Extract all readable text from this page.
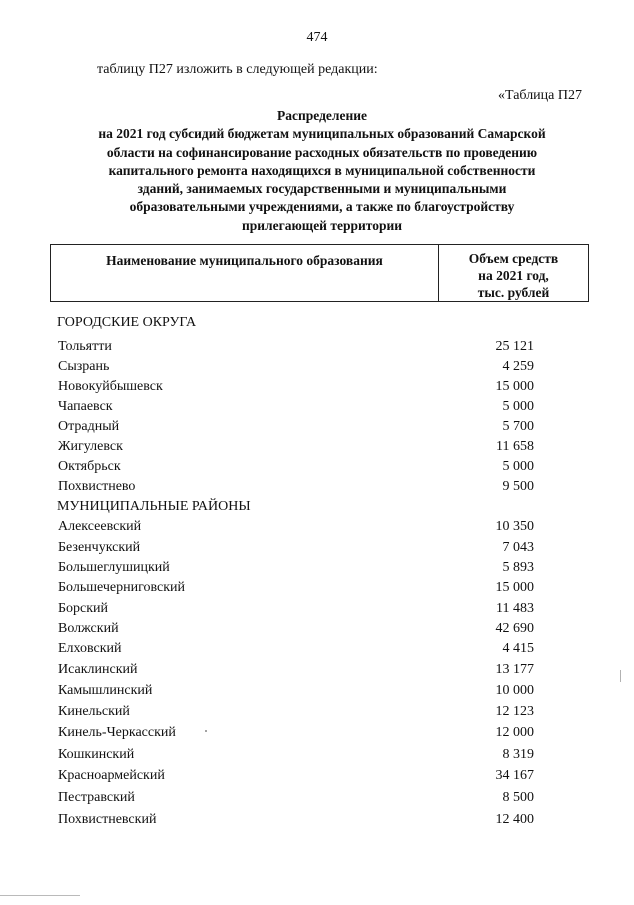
474
таблицу П27 изложить в следующей редакции:
«Таблица П27
Распределение
на 2021 год субсидий бюджетам муниципальных образований Самарской
области на софинансирование расходных обязательств по проведению
капитального ремонта находящихся в муниципальной собственности
зданий, занимаемых государственными и муниципальными
образовательными учреждениями, а также по благоустройству
прилегающей территории
Наименование муниципального образования	Объем средств
на 2021 год,
тыс. рублей
ГОРОДСКИЕ ОКРУГА
Тольятти	25 121
Сызрань	4 259
Новокуйбышевск	15 000
Чапаевск	5 000
Отрадный	5 700
Жигулевск	11 658
Октябрьск	5 000
Похвистнево	9 500
МУНИЦИПАЛЬНЫЕ РАЙОНЫ
Алексеевский	10 350
Безенчукский	7 043
Большеглушицкий	5 893
Большечерниговский	15 000
Борский	11 483
Волжский	42 690
Елховский	4 415
Исаклинский	13 177
Камышлинский	10 000
Кинельский	12 123
Кинель-Черкасский	12 000
Кошкинский	8 319
Красноармейский	34 167
Пестравский	8 500
Похвистневский	12 400
